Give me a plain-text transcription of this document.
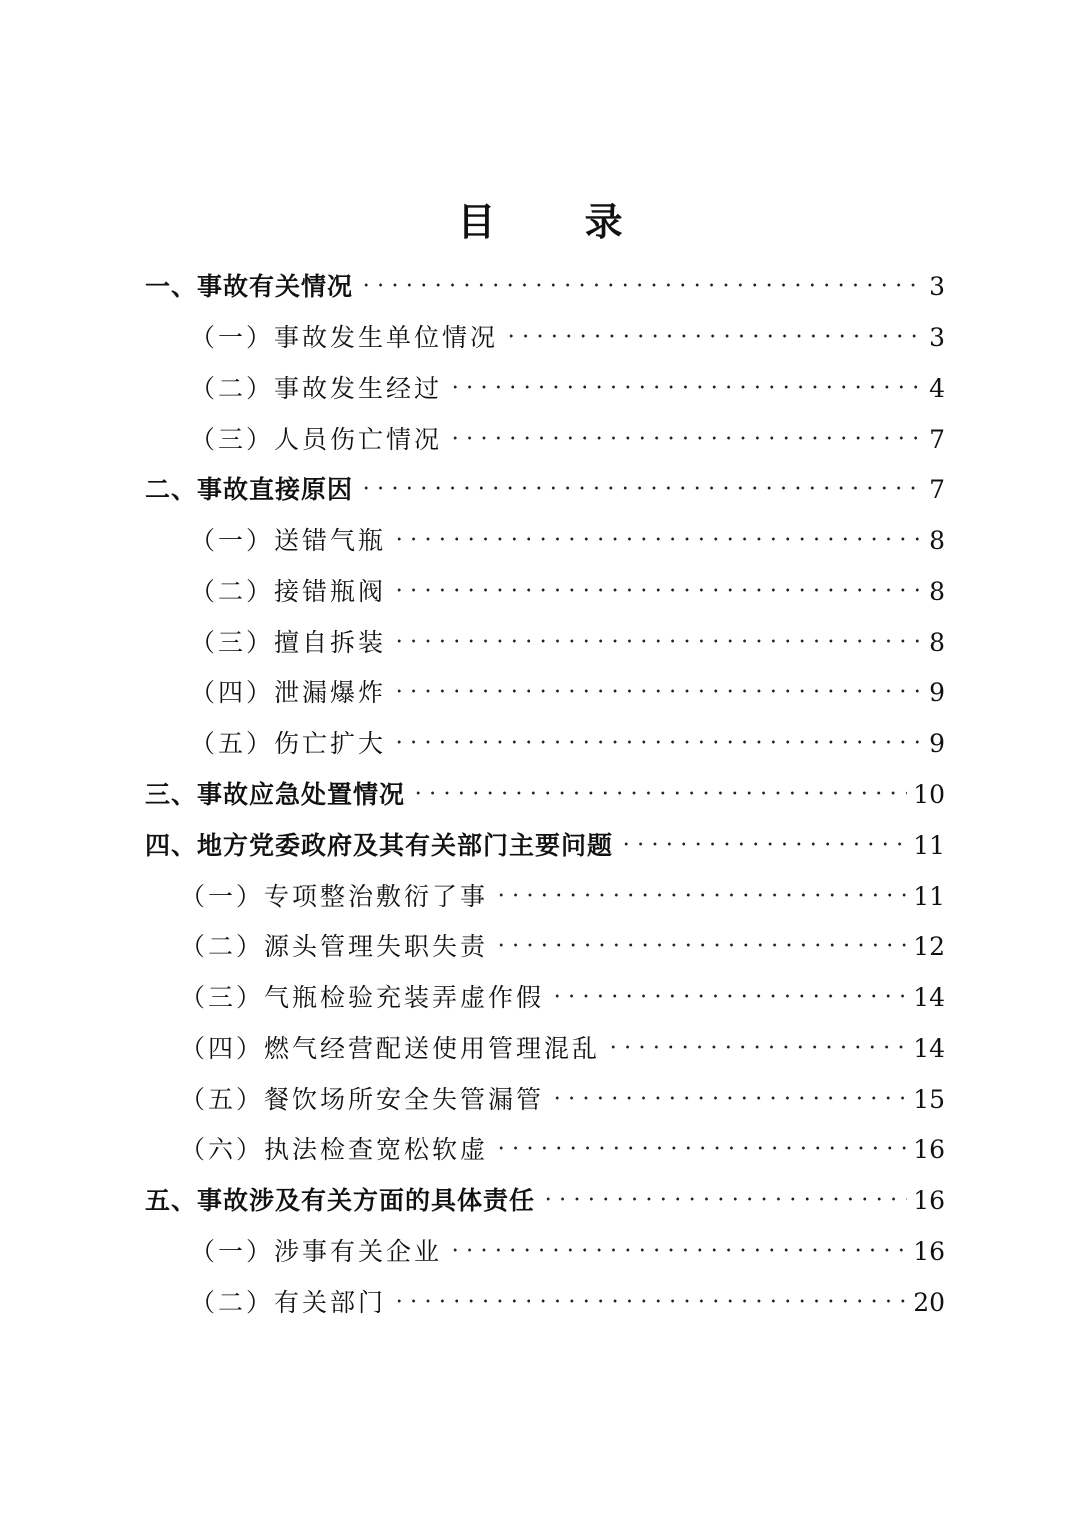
目 录
一、事故有关情况	3
（一）事故发生单位情况	3
（二）事故发生经过	4
（三）人员伤亡情况	7
二、事故直接原因	7
（一）送错气瓶	8
（二）接错瓶阀	8
（三）擅自拆装	8
（四）泄漏爆炸	9
（五）伤亡扩大	9
三、事故应急处置情况	10
四、地方党委政府及其有关部门主要问题	11
（一）专项整治敷衍了事	11
（二）源头管理失职失责	12
（三）气瓶检验充装弄虚作假	14
（四）燃气经营配送使用管理混乱	14
（五）餐饮场所安全失管漏管	15
（六）执法检查宽松软虚	16
五、事故涉及有关方面的具体责任	16
（一）涉事有关企业	16
（二）有关部门	20
